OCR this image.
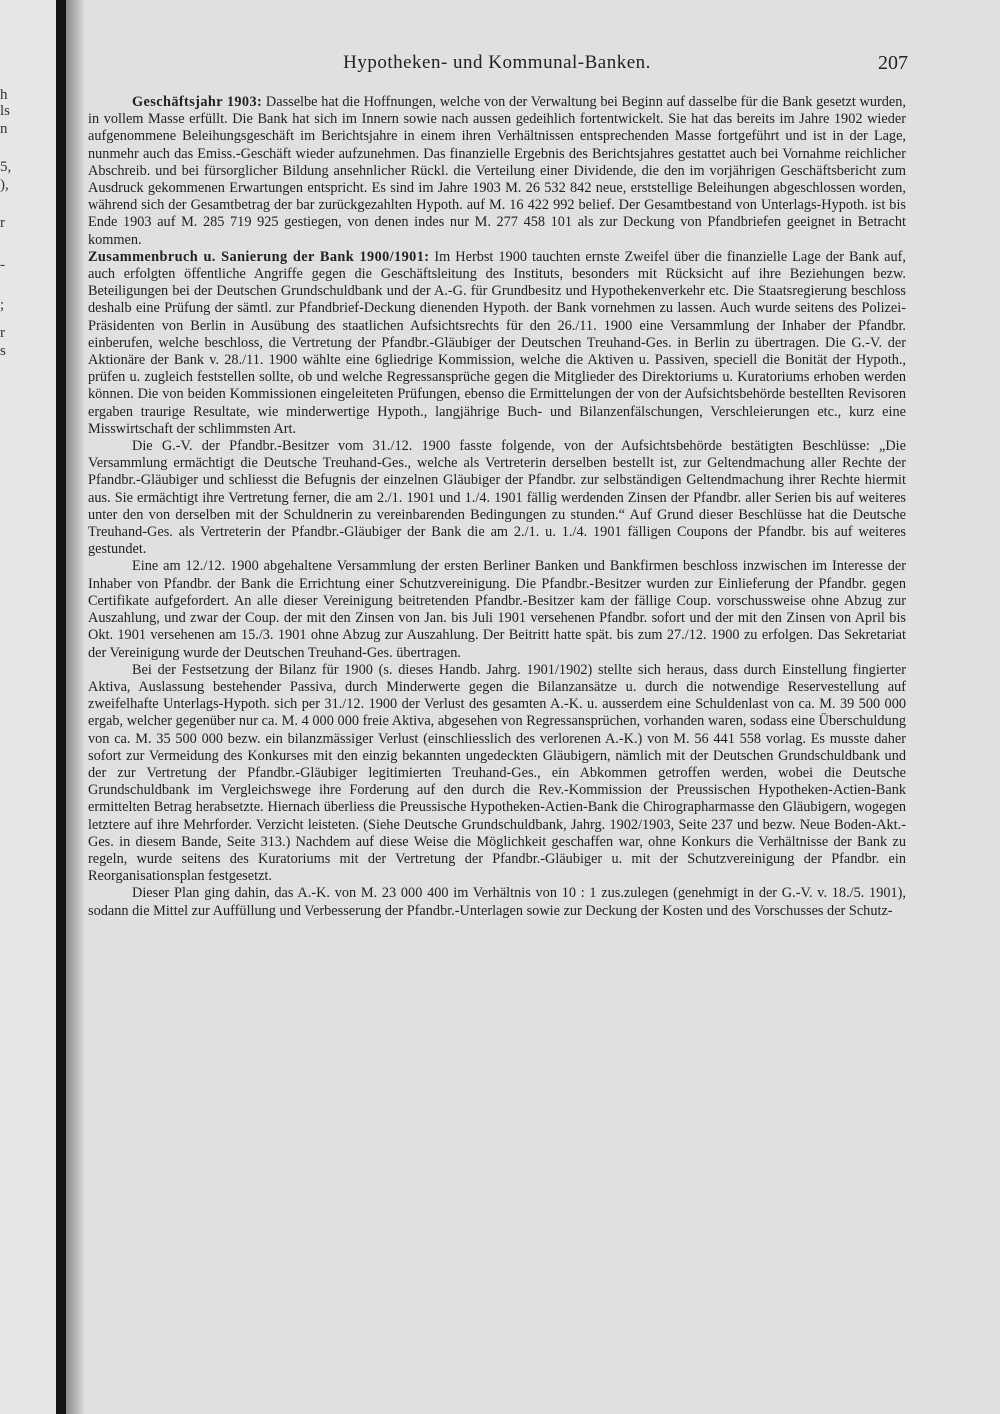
h
ls
n
5,
),
r
-
;
r
s
Hypotheken- und Kommunal-Banken.	207

Geschäftsjahr 1903: Dasselbe hat die Hoffnungen, welche von der Verwaltung bei Beginn auf dasselbe für die Bank gesetzt wurden, in vollem Masse erfüllt. Die Bank hat sich im Innern sowie nach aussen gedeihlich fortentwickelt. Sie hat das bereits im Jahre 1902 wieder aufgenommene Beleihungsgeschäft im Berichtsjahre in einem ihren Verhältnissen entsprechenden Masse fortgeführt und ist in der Lage, nunmehr auch das Emiss.-Geschäft wieder aufzunehmen. Das finanzielle Ergebnis des Berichtsjahres gestattet auch bei Vornahme reichlicher Abschreib. und bei fürsorglicher Bildung ansehnlicher Rückl. die Verteilung einer Dividende, die den im vorjährigen Geschäftsbericht zum Ausdruck gekommenen Erwartungen entspricht. Es sind im Jahre 1903 M. 26 532 842 neue, erststellige Beleihungen abgeschlossen worden, während sich der Gesamtbetrag der bar zurückgezahlten Hypoth. auf M. 16 422 992 belief. Der Gesamtbestand von Unterlags-Hypoth. ist bis Ende 1903 auf M. 285 719 925 gestiegen, von denen indes nur M. 277 458 101 als zur Deckung von Pfandbriefen geeignet in Betracht kommen.

Zusammenbruch u. Sanierung der Bank 1900/1901: Im Herbst 1900 tauchten ernste Zweifel über die finanzielle Lage der Bank auf, auch erfolgten öffentliche Angriffe gegen die Geschäftsleitung des Instituts, besonders mit Rücksicht auf ihre Beziehungen bezw. Beteiligungen bei der Deutschen Grundschuldbank und der A.-G. für Grundbesitz und Hypothekenverkehr etc. Die Staatsregierung beschloss deshalb eine Prüfung der sämtl. zur Pfandbrief-Deckung dienenden Hypoth. der Bank vornehmen zu lassen. Auch wurde seitens des Polizei-Präsidenten von Berlin in Ausübung des staatlichen Aufsichtsrechts für den 26./11. 1900 eine Versammlung der Inhaber der Pfandbr. einberufen, welche beschloss, die Vertretung der Pfandbr.-Gläubiger der Deutschen Treuhand-Ges. in Berlin zu übertragen. Die G.-V. der Aktionäre der Bank v. 28./11. 1900 wählte eine 6gliedrige Kommission, welche die Aktiven u. Passiven, speciell die Bonität der Hypoth., prüfen u. zugleich feststellen sollte, ob und welche Regressansprüche gegen die Mitglieder des Direktoriums u. Kuratoriums erhoben werden können. Die von beiden Kommissionen eingeleiteten Prüfungen, ebenso die Ermittelungen der von der Aufsichtsbehörde bestellten Revisoren ergaben traurige Resultate, wie minderwertige Hypoth., langjährige Buch- und Bilanzenfälschungen, Verschleierungen etc., kurz eine Misswirtschaft der schlimmsten Art.

Die G.-V. der Pfandbr.-Besitzer vom 31./12. 1900 fasste folgende, von der Aufsichtsbehörde bestätigten Beschlüsse: „Die Versammlung ermächtigt die Deutsche Treuhand-Ges., welche als Vertreterin derselben bestellt ist, zur Geltendmachung aller Rechte der Pfandbr.-Gläubiger und schliesst die Befugnis der einzelnen Gläubiger der Pfandbr. zur selbständigen Geltendmachung ihrer Rechte hiermit aus. Sie ermächtigt ihre Vertretung ferner, die am 2./1. 1901 und 1./4. 1901 fällig werdenden Zinsen der Pfandbr. aller Serien bis auf weiteres unter den von derselben mit der Schuldnerin zu vereinbarenden Bedingungen zu stunden.“ Auf Grund dieser Beschlüsse hat die Deutsche Treuhand-Ges. als Vertreterin der Pfandbr.-Gläubiger der Bank die am 2./1. u. 1./4. 1901 fälligen Coupons der Pfandbr. bis auf weiteres gestundet.

Eine am 12./12. 1900 abgehaltene Versammlung der ersten Berliner Banken und Bankfirmen beschloss inzwischen im Interesse der Inhaber von Pfandbr. der Bank die Errichtung einer Schutzvereinigung. Die Pfandbr.-Besitzer wurden zur Einlieferung der Pfandbr. gegen Certifikate aufgefordert. An alle dieser Vereinigung beitretenden Pfandbr.-Besitzer kam der fällige Coup. vorschussweise ohne Abzug zur Auszahlung, und zwar der Coup. der mit den Zinsen von Jan. bis Juli 1901 versehenen Pfandbr. sofort und der mit den Zinsen von April bis Okt. 1901 versehenen am 15./3. 1901 ohne Abzug zur Auszahlung. Der Beitritt hatte spät. bis zum 27./12. 1900 zu erfolgen. Das Sekretariat der Vereinigung wurde der Deutschen Treuhand-Ges. übertragen.

Bei der Festsetzung der Bilanz für 1900 (s. dieses Handb. Jahrg. 1901/1902) stellte sich heraus, dass durch Einstellung fingierter Aktiva, Auslassung bestehender Passiva, durch Minderwerte gegen die Bilanzansätze u. durch die notwendige Reservestellung auf zweifelhafte Unterlags-Hypoth. sich per 31./12. 1900 der Verlust des gesamten A.-K. u. ausserdem eine Schuldenlast von ca. M. 39 500 000 ergab, welcher gegenüber nur ca. M. 4 000 000 freie Aktiva, abgesehen von Regressansprüchen, vorhanden waren, sodass eine Überschuldung von ca. M. 35 500 000 bezw. ein bilanzmässiger Verlust (einschliesslich des verlorenen A.-K.) von M. 56 441 558 vorlag. Es musste daher sofort zur Vermeidung des Konkurses mit den einzig bekannten ungedeckten Gläubigern, nämlich mit der Deutschen Grundschuldbank und der zur Vertretung der Pfandbr.-Gläubiger legitimierten Treuhand-Ges., ein Abkommen getroffen werden, wobei die Deutsche Grundschuldbank im Vergleichswege ihre Forderung auf den durch die Rev.-Kommission der Preussischen Hypotheken-Actien-Bank ermittelten Betrag herabsetzte. Hiernach überliess die Preussische Hypotheken-Actien-Bank die Chirographarmasse den Gläubigern, wogegen letztere auf ihre Mehrforder. Verzicht leisteten. (Siehe Deutsche Grundschuldbank, Jahrg. 1902/1903, Seite 237 und bezw. Neue Boden-Akt.-Ges. in diesem Bande, Seite 313.) Nachdem auf diese Weise die Möglichkeit geschaffen war, ohne Konkurs die Verhältnisse der Bank zu regeln, wurde seitens des Kuratoriums mit der Vertretung der Pfandbr.-Gläubiger u. mit der Schutzvereinigung der Pfandbr. ein Reorganisationsplan festgesetzt.

Dieser Plan ging dahin, das A.-K. von M. 23 000 400 im Verhältnis von 10 : 1 zus.zulegen (genehmigt in der G.-V. v. 18./5. 1901), sodann die Mittel zur Auffüllung und Verbesserung der Pfandbr.-Unterlagen sowie zur Deckung der Kosten und des Vorschusses der Schutz-
